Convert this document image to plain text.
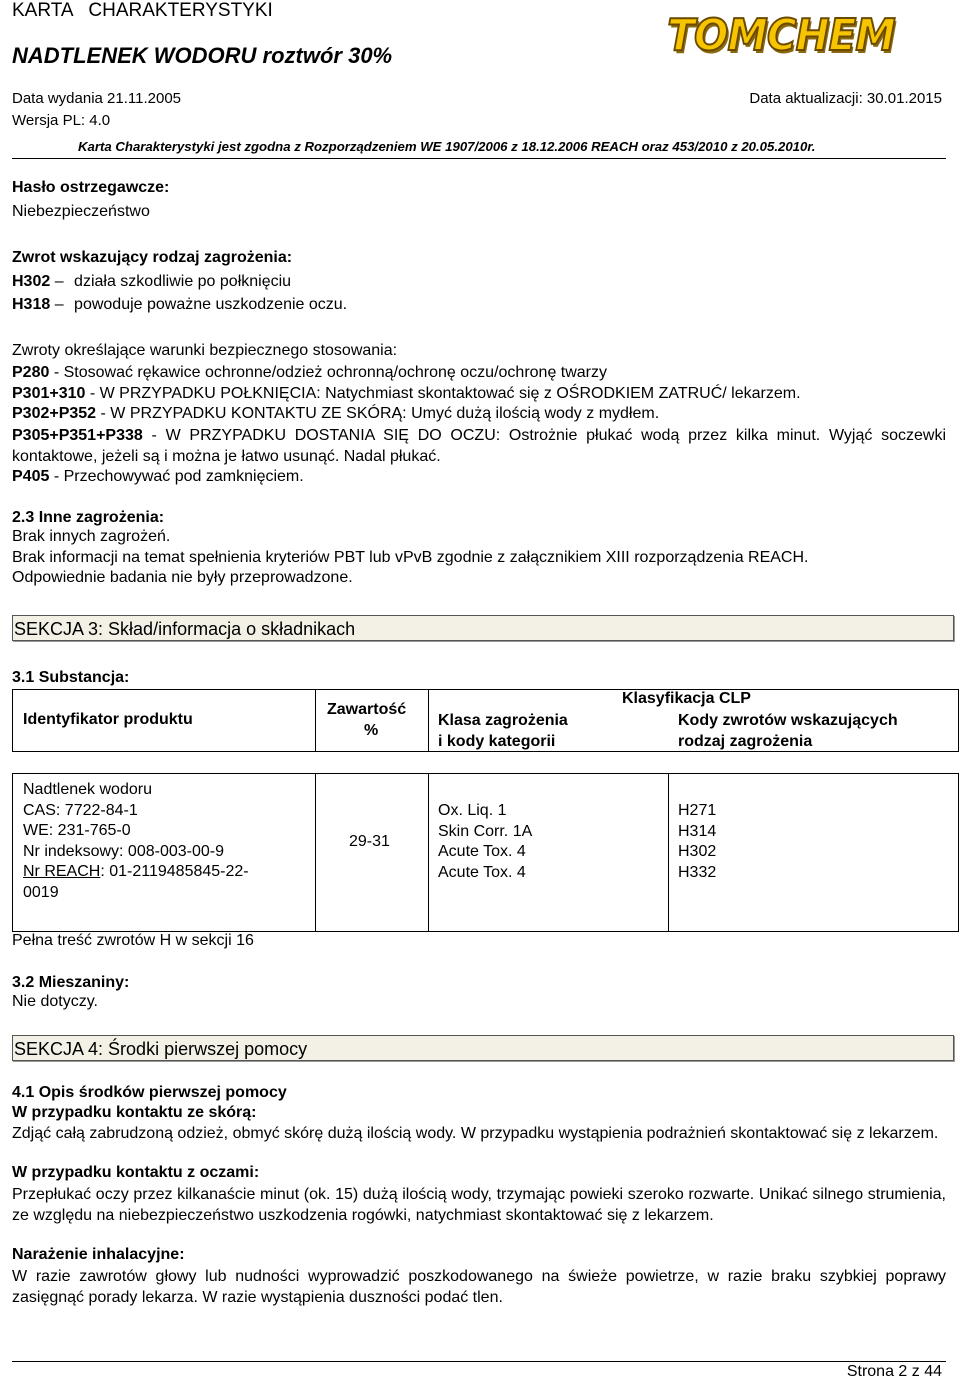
KARTA   CHARAKTERYSTYKI
NADTLENEK WODORU roztwór 30%	TOMCHEM
Data wydania 21.11.2005	Data aktualizacji: 30.01.2015
Wersja PL: 4.0
Karta Charakterystyki jest zgodna z Rozporządzeniem WE 1907/2006 z 18.12.2006 REACH oraz 453/2010 z 20.05.2010r.
Hasło ostrzegawcze:
Niebezpieczeństwo
Zwrot wskazujący rodzaj zagrożenia:
H302 – działa szkodliwie po połknięciu
H318 – powoduje poważne uszkodzenie oczu.
Zwroty określające warunki bezpiecznego stosowania:
P280 - Stosować rękawice ochronne/odzież ochronną/ochronę oczu/ochronę twarzy
P301+310 - W PRZYPADKU POŁKNIĘCIA: Natychmiast skontaktować się z OŚRODKIEM ZATRUĆ/ lekarzem.
P302+P352 - W PRZYPADKU KONTAKTU ZE SKÓRĄ: Umyć dużą ilością wody z mydłem.
P305+P351+P338 - W PRZYPADKU DOSTANIA SIĘ DO OCZU: Ostrożnie płukać wodą przez kilka minut. Wyjąć soczewki kontaktowe, jeżeli są i można je łatwo usunąć. Nadal płukać.
P405 - Przechowywać pod zamknięciem.
2.3 Inne zagrożenia:
Brak innych zagrożeń.
Brak informacji na temat spełnienia kryteriów PBT lub vPvB zgodnie z załącznikiem XIII rozporządzenia REACH.
Odpowiednie badania nie były przeprowadzone.
SEKCJA 3: Skład/informacja o składnikach
3.1 Substancja:
Identyfikator produktu
Zawartość
%
Klasyfikacja CLP
Klasa zagrożenia
i kody kategorii
Kody zwrotów wskazujących
rodzaj zagrożenia
Nadtlenek wodoru
CAS: 7722-84-1
WE: 231-765-0
Nr indeksowy: 008-003-00-9
Nr REACH: 01-2119485845-22-
0019
29-31
Ox. Liq. 1
Skin Corr. 1A
Acute Tox. 4
Acute Tox. 4
H271
H314
H302
H332
Pełna treść zwrotów H w sekcji 16
3.2 Mieszaniny:
Nie dotyczy.
SEKCJA 4: Środki pierwszej pomocy
4.1 Opis środków pierwszej pomocy
W przypadku kontaktu ze skórą:
Zdjąć całą zabrudzoną odzież, obmyć skórę dużą ilością wody. W przypadku wystąpienia podrażnień skontaktować się z lekarzem.
W przypadku kontaktu z oczami:
Przepłukać oczy przez kilkanaście minut (ok. 15) dużą ilością wody, trzymając powieki szeroko rozwarte. Unikać silnego strumienia, ze względu na niebezpieczeństwo uszkodzenia rogówki, natychmiast skontaktować się z lekarzem.
Narażenie inhalacyjne:
W razie zawrotów głowy lub nudności wyprowadzić poszkodowanego na świeże powietrze, w razie braku szybkiej poprawy zasięgnąć porady lekarza. W razie wystąpienia duszności podać tlen.
Strona 2 z 44
